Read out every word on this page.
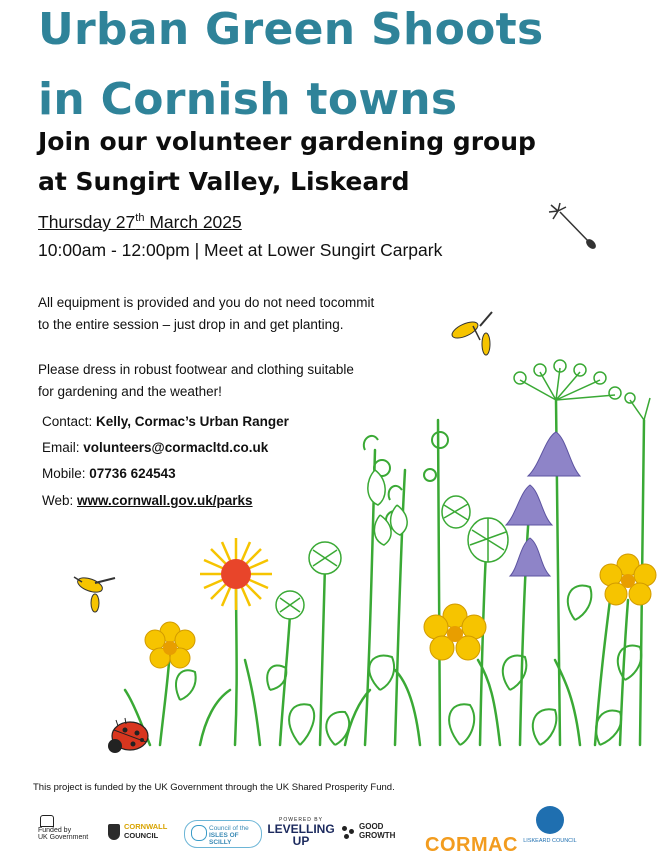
Urban Green Shoots
in Cornish towns
Join our volunteer gardening group
at Sungirt Valley, Liskeard
Thursday 27th March 2025
10:00am - 12:00pm | Meet at Lower Sungirt Carpark
All equipment is provided and you do not need tocommit
to the entire session – just drop in and get planting.
Please dress in robust footwear and clothing suitable
for gardening and the weather!
Contact: Kelly, Cormac’s Urban Ranger
Email: volunteers@cormacltd.co.uk
Mobile: 07736 624543
Web: www.cornwall.gov.uk/parks
This project is funded by the UK Government through the UK Shared Prosperity Fund.
Funded by
UK Government
CORNWALL
COUNCIL
Council of the
ISLES OF SCILLY
POWERED BY
LEVELLING
UP
GOOD
GROWTH	CORMAC LISKEARD COUNCIL
